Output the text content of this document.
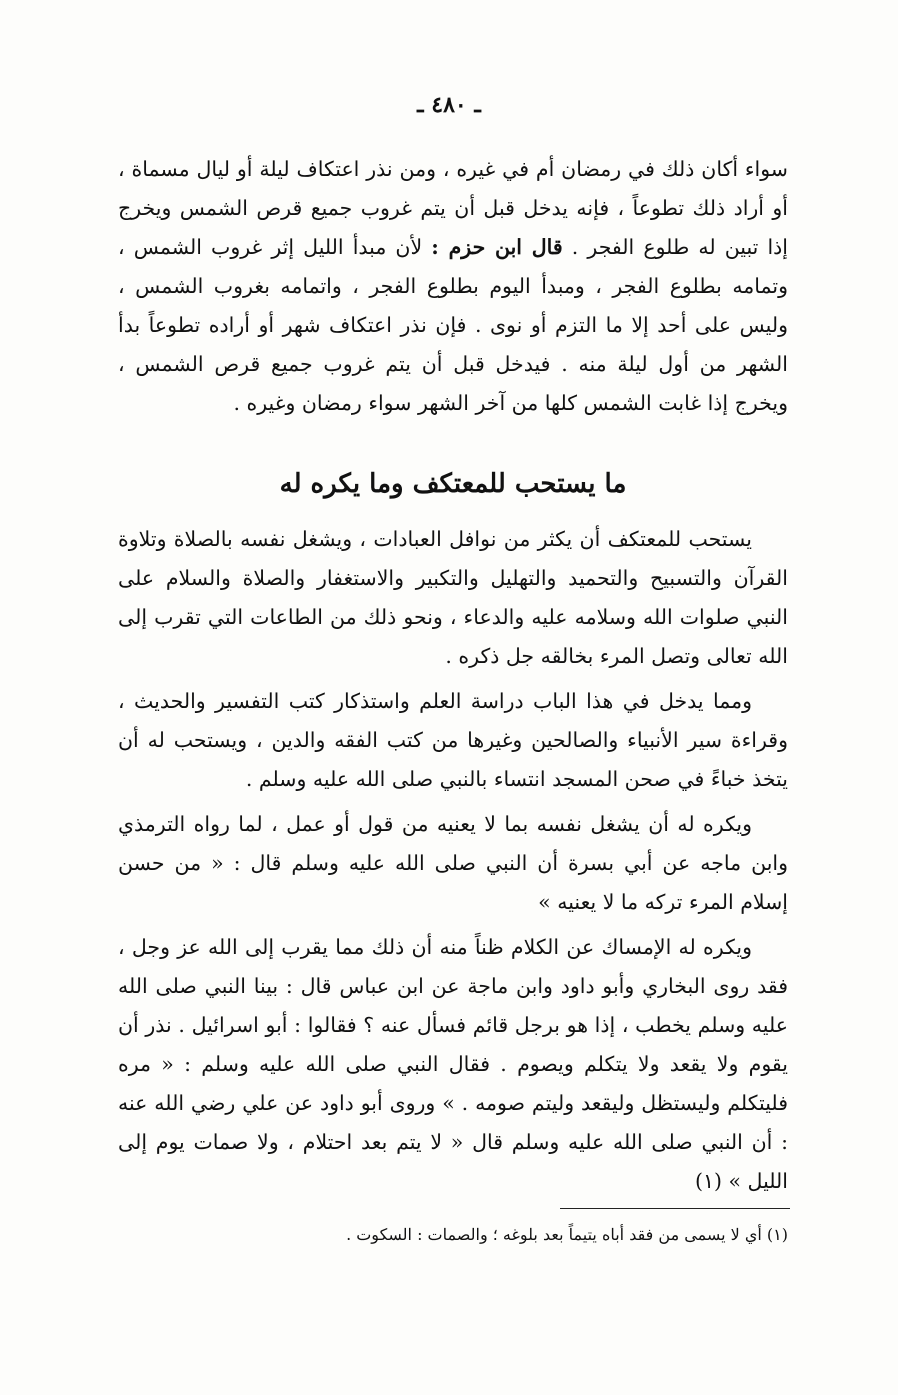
ـ ٤٨٠ ـ

سواء أكان ذلك في رمضان أم في غيره ، ومن نذر اعتكاف ليلة أو ليال مسماة ، أو أراد ذلك تطوعاً ، فإنه يدخل قبل أن يتم غروب جميع قرص الشمس ويخرج إذا تبين له طلوع الفجر . قال ابن حزم : لأن مبدأ الليل إثر غروب الشمس ، وتمامه بطلوع الفجر ، ومبدأ اليوم بطلوع الفجر ، واتمامه بغروب الشمس ، وليس على أحد إلا ما التزم أو نوى . فإن نذر اعتكاف شهر أو أراده تطوعاً بدأ الشهر من أول ليلة منه . فيدخل قبل أن يتم غروب جميع قرص الشمس ، ويخرج إذا غابت الشمس كلها من آخر الشهر سواء رمضان وغيره .

ما يستحب للمعتكف وما يكره له

يستحب للمعتكف أن يكثر من نوافل العبادات ، ويشغل نفسه بالصلاة وتلاوة القرآن والتسبيح والتحميد والتهليل والتكبير والاستغفار والصلاة والسلام على النبي صلوات الله وسلامه عليه والدعاء ، ونحو ذلك من الطاعات التي تقرب إلى الله تعالى وتصل المرء بخالقه جل ذكره .

ومما يدخل في هذا الباب دراسة العلم واستذكار كتب التفسير والحديث ، وقراءة سير الأنبياء والصالحين وغيرها من كتب الفقه والدين ، ويستحب له أن يتخذ خباءً في صحن المسجد انتساء بالنبي صلى الله عليه وسلم .

ويكره له أن يشغل نفسه بما لا يعنيه من قول أو عمل ، لما رواه الترمذي وابن ماجه عن أبي بسرة أن النبي صلى الله عليه وسلم قال : « من حسن إسلام المرء تركه ما لا يعنيه »

ويكره له الإمساك عن الكلام ظناً منه أن ذلك مما يقرب إلى الله عز وجل ، فقد روى البخاري وأبو داود وابن ماجة عن ابن عباس قال : بينا النبي صلى الله عليه وسلم يخطب ، إذا هو برجل قائم فسأل عنه ؟ فقالوا : أبو اسرائيل . نذر أن يقوم ولا يقعد ولا يتكلم ويصوم . فقال النبي صلى الله عليه وسلم : « مره فليتكلم وليستظل وليقعد وليتم صومه . » وروى أبو داود عن علي رضي الله عنه : أن النبي صلى الله عليه وسلم قال « لا يتم بعد احتلام ، ولا صمات يوم إلى الليل » (١)

(١) أي لا يسمى من فقد أباه يتيماً بعد بلوغه ؛ والصمات : السكوت .
